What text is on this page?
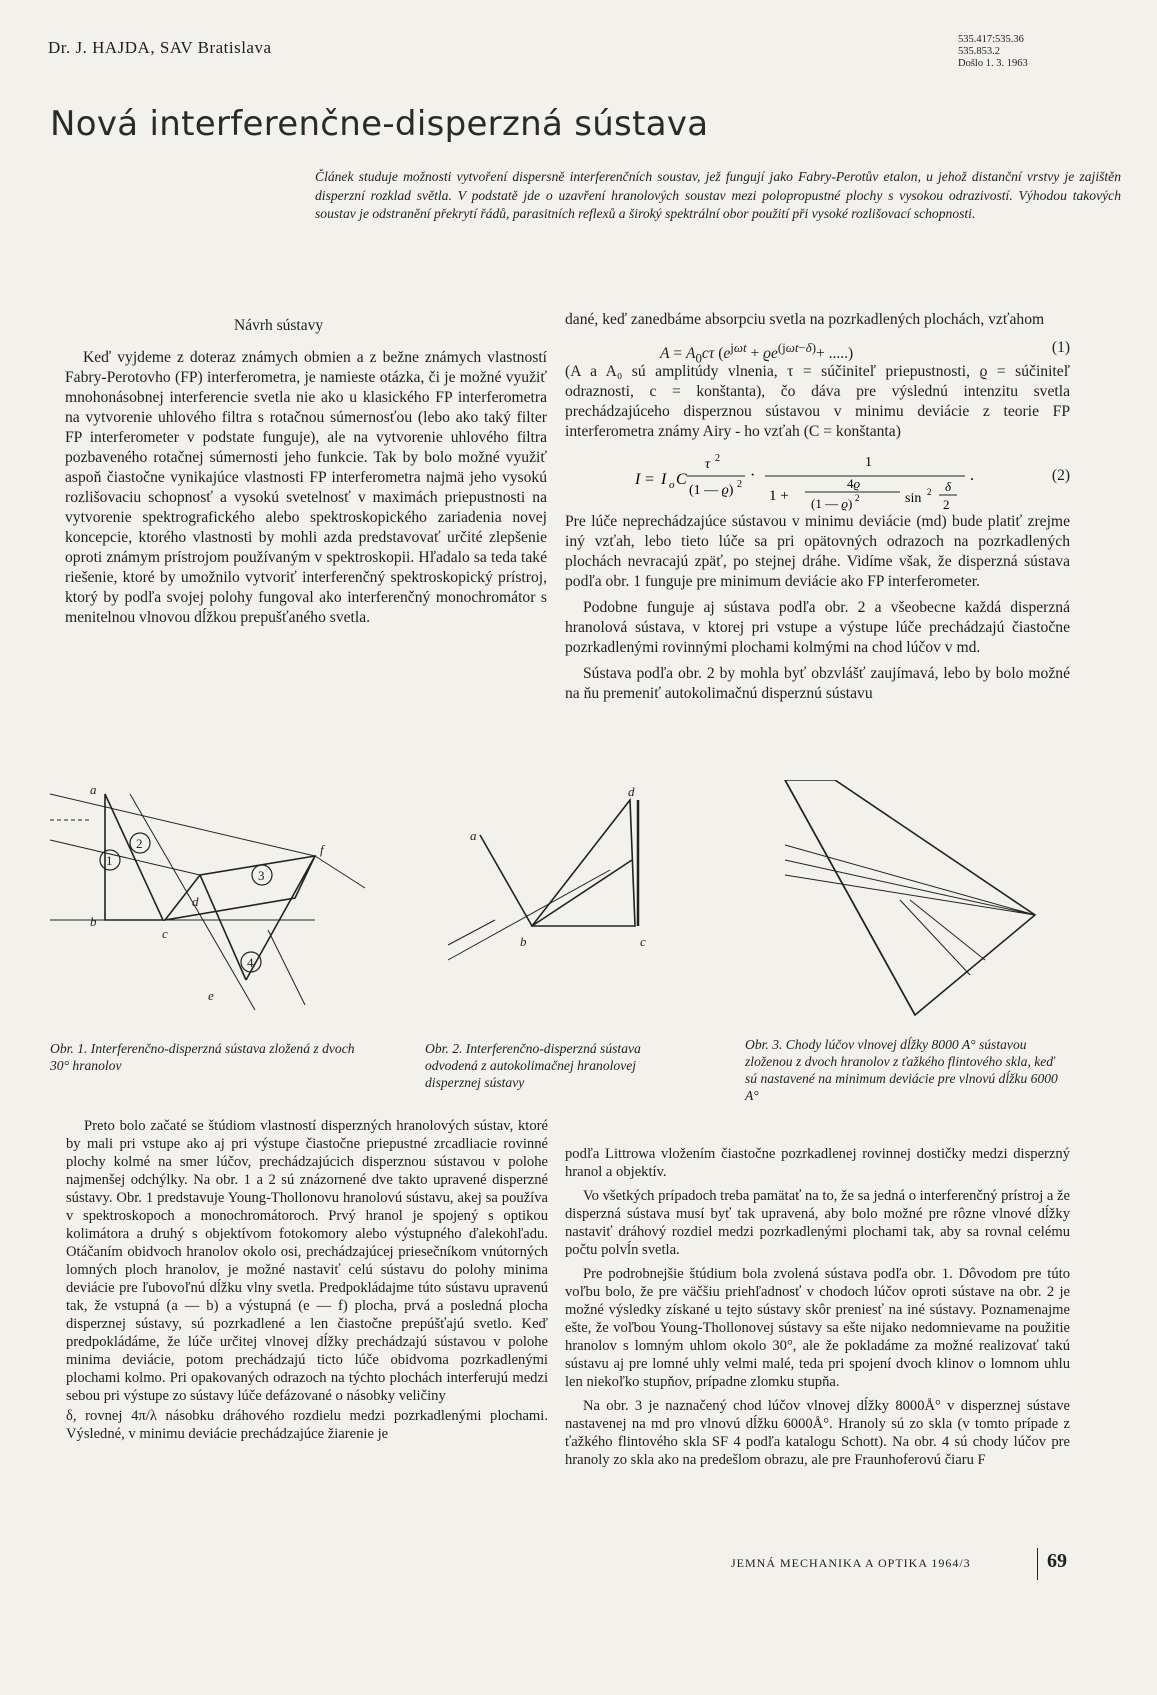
Dr. J. HAJDA, SAV Bratislava	535.417:535.36
535.853.2
Došlo 1. 3. 1963
Nová interferenčne-disperzná sústava
Článek studuje možnosti vytvoření dispersně interferenčních soustav, jež fungují jako Fabry-Perotův etalon, u jehož distanční vrstvy je zajištěn disperzní rozklad světla. V podstatě jde o uzavření hranolových soustav mezi polopropustné plochy s vysokou odrazivostí. Výhodou takových soustav je odstranění překrytí řádů, parasitních reflexů a široký spektrální obor použití při vysoké rozlišovací schopnosti.
Návrh sústavy

Keď vyjdeme z doteraz známych obmien a z bežne známych vlastností Fabry-Perotovho (FP) interferometra, je namieste otázka, či je možné využiť mnohonásobnej interferencie svetla nie ako u klasického FP interferometra na vytvorenie uhlového filtra s rotačnou súmernosťou (lebo ako taký filter FP interferometer v podstate funguje), ale na vytvorenie uhlového filtra pozbaveného rotačnej súmernosti jeho funkcie. Tak by bolo možné využiť aspoň čiastočne vynikajúce vlastnosti FP interferometra najmä jeho vysokú rozlišovaciu schopnosť a vysokú svetelnosť v maximách priepustnosti na vytvorenie spektrografického alebo spektroskopického zariadenia novej koncepcie, ktorého vlastnosti by mohli azda predstavovať určité zlepšenie oproti známym prístrojom používaným v spektroskopii. Hľadalo sa teda také riešenie, ktoré by umožnilo vytvoriť interferenčný spektroskopický prístroj, ktorý by podľa svojej polohy fungoval ako interferenčný monochromátor s menitelnou vlnovou dĺžkou prepušťaného svetla.

dané, keď zanedbáme absorpciu svetla na pozrkadlených plochách, vzťahom

$A = A_0c\tau$ ($e^{j\omega t} + ϱe^{(j\omega t-\delta)}+$ .....)	(1)

(A a A₀ sú amplitúdy vlnenia, τ = súčiniteľ priepustnosti, ϱ = súčiniteľ odraznosti, c = konštanta), čo dáva pre výslednú intenzitu svetla prechádzajúceho disperznou sústavou v minimu deviácie z teorie FP interferometra známy Airy - ho vzťah (C = konštanta)

I = I o C
τ 2
(1 — ϱ) 2
·
1
1 +
4ϱ
(1 — ϱ) 2	sin 2 δ
2
.	(2)

Pre lúče neprechádzajúce sústavou v minimu deviácie (md) bude platiť zrejme iný vzťah, lebo tieto lúče sa pri opätovných odrazoch na pozrkadlených plochách nevracajú zpäť, po stejnej dráhe. Vidíme však, že disperzná sústava podľa obr. 1 funguje pre minimum deviácie ako FP interferometer.

Podobne funguje aj sústava podľa obr. 2 a všeobecne každá disperzná hranolová sústava, v ktorej pri vstupe a výstupe lúče prechádzajú čiastočne pozrkadlenými rovinnými plochami kolmými na chod lúčov v md.

Sústava podľa obr. 2 by mohla byť obzvlášť zaujímavá, lebo by bolo možné na ňu premeniť autokolimačnú disperznú sústavu

a
b
c
d
e
f
1
2
3
4
a
b	c
d
Obr. 1. Interferenčno-disperzná sústava zložená z dvoch 30° hranolov
Obr. 2. Interferenčno-disperzná sústava odvodená z autokolimačnej hranolovej disperznej sústavy
Obr. 3. Chody lúčov vlnovej dĺžky 8000 A° sústavou zloženou z dvoch hranolov z ťažkého flintového skla, keď sú nastavené na minimum deviácie pre vlnovú dĺžku 6000 A°

Preto bolo začaté se štúdiom vlastností disperzných hranolových sústav, ktoré by mali pri vstupe ako aj pri výstupe čiastočne priepustné zrcadliacie rovinné plochy kolmé na smer lúčov, prechádzajúcich disperznou sústavou v polohe najmenšej odchýlky. Na obr. 1 a 2 sú znázornené dve takto upravené disperzné sústavy. Obr. 1 predstavuje Young-Thollonovu hranolovú sústavu, akej sa používa v spektroskopoch a monochromátoroch. Prvý hranol je spojený s optikou kolimátora a druhý s objektívom fotokomory alebo výstupného ďalekohľadu. Otáčaním obidvoch hranolov okolo osi, prechádzajúcej priesečníkom vnútorných lomných ploch hranolov, je možné nastaviť celú sústavu do polohy minima deviácie pre ľubovoľnú dĺžku vlny svetla. Predpokládajme túto sústavu upravenú tak, že vstupná (a — b) a výstupná (e — f) plocha, prvá a posledná plocha disperznej sústavy, sú pozrkadlené a len čiastočne prepúšťajú svetlo. Keď predpokládáme, že lúče určitej vlnovej dĺžky prechádzajú sústavou v polohe minima deviácie, potom prechádzajú ticto lúče obidvoma pozrkadlenými plochami kolmo. Pri opakovaných odrazoch na týchto plochách interferujú medzi sebou pri výstupe zo sústavy lúče defázované o násobky veličiny

δ, rovnej 4π/λ násobku dráhového rozdielu medzi pozrkadlenými plochami. Výsledné, v minimu deviácie prechádzajúce žiarenie je

podľa Littrowa vložením čiastočne pozrkadlenej rovinnej dostičky medzi disperzný hranol a objektív.

Vo všetkých prípadoch treba pamätať na to, že sa jedná o interferenčný prístroj a že disperzná sústava musí byť tak upravená, aby bolo možné pre rôzne vlnové dĺžky nastaviť dráhový rozdiel medzi pozrkadlenými plochami tak, aby sa rovnal celému počtu polvĺn svetla.

Pre podrobnejšie štúdium bola zvolená sústava podľa obr. 1. Dôvodom pre túto voľbu bolo, že pre väčšiu priehľadnosť v chodoch lúčov oproti sústave na obr. 2 je možné výsledky získané u tejto sústavy skôr preniesť na iné sústavy. Poznamenajme ešte, že voľbou Young-Thollonovej sústavy sa ešte nijako nedomnievame na použitie hranolov s lomným uhlom okolo 30°, ale že pokladáme za možné realizovať takú sústavu aj pre lomné uhly velmi malé, teda pri spojení dvoch klinov o lomnom uhlu len niekoľko stupňov, prípadne zlomku stupňa.

Na obr. 3 je naznačený chod lúčov vlnovej dĺžky 8000Å° v disperznej sústave nastavenej na md pro vlnovú dĺžku 6000Å°. Hranoly sú zo skla (v tomto prípade z ťažkého flintového skla SF 4 podľa katalogu Schott). Na obr. 4 sú chody lúčov pre hranoly zo skla ako na predešlom obrazu, ale pre Fraunhoferovú čiaru F

JEMNÁ MECHANIKA A OPTIKA 1964/3	69
